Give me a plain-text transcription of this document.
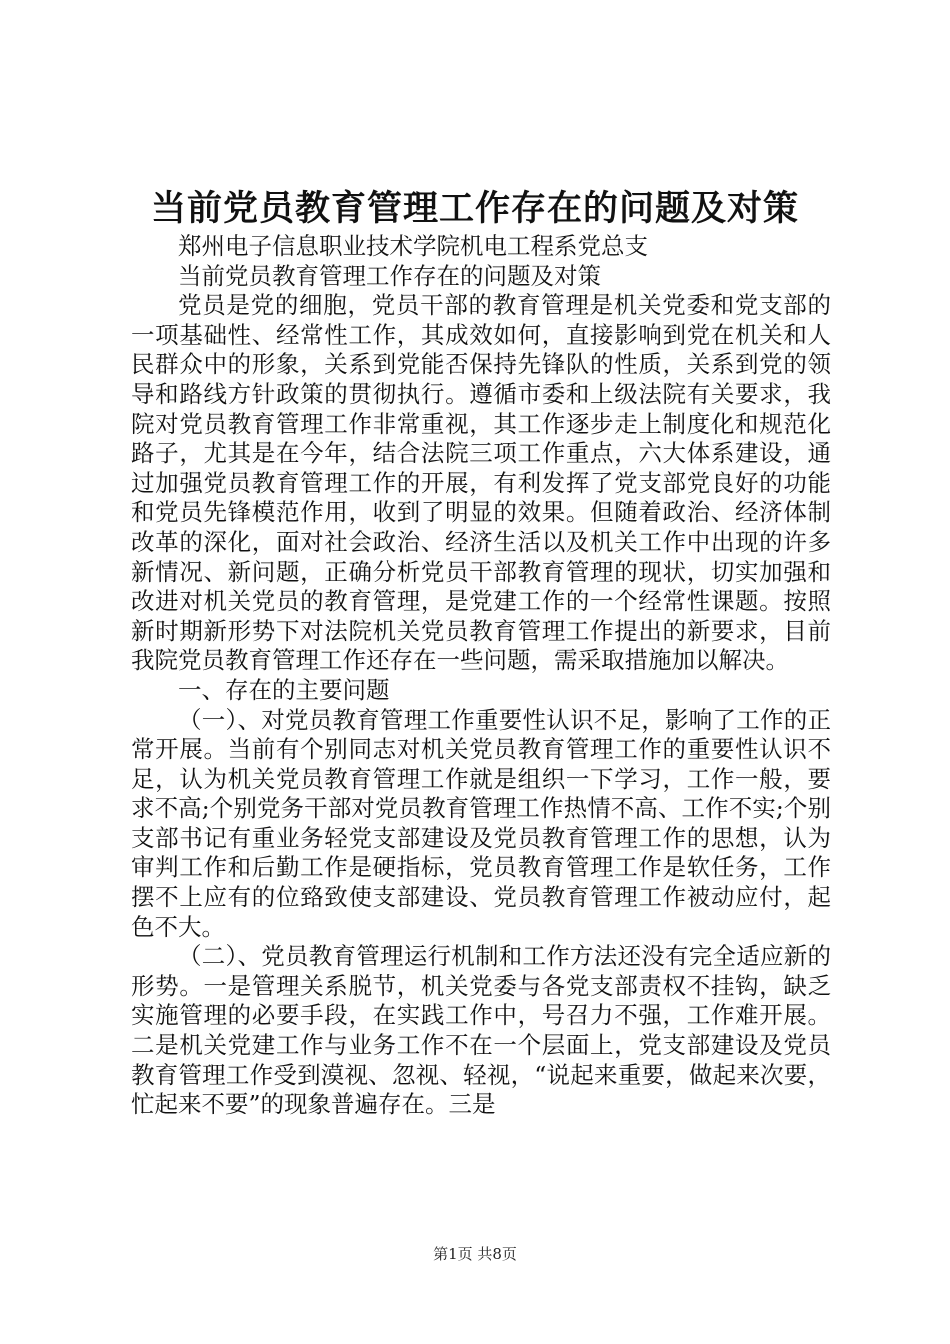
当前党员教育管理工作存在的问题及对策

郑州电子信息职业技术学院机电工程系党总支

当前党员教育管理工作存在的问题及对策

党员是党的细胞，党员干部的教育管理是机关党委和党支部的一项基础性、经常性工作，其成效如何，直接影响到党在机关和人民群众中的形象，关系到党能否保持先锋队的性质，关系到党的领导和路线方针政策的贯彻执行。遵循市委和上级法院有关要求，我院对党员教育管理工作非常重视，其工作逐步走上制度化和规范化路子，尤其是在今年，结合法院三项工作重点，六大体系建设，通过加强党员教育管理工作的开展，有利发挥了党支部党良好的功能和党员先锋模范作用，收到了明显的效果。但随着政治、经济体制改革的深化，面对社会政治、经济生活以及机关工作中出现的许多新情况、新问题，正确分析党员干部教育管理的现状，切实加强和改进对机关党员的教育管理，是党建工作的一个经常性课题。按照新时期新形势下对法院机关党员教育管理工作提出的新要求，目前我院党员教育管理工作还存在一些问题，需采取措施加以解决。

一、存在的主要问题

（一）、对党员教育管理工作重要性认识不足，影响了工作的正常开展。当前有个别同志对机关党员教育管理工作的重要性认识不足，认为机关党员教育管理工作就是组织一下学习，工作一般，要求不高;个别党务干部对党员教育管理工作热情不高、工作不实;个别支部书记有重业务轻党支部建设及党员教育管理工作的思想，认为审判工作和后勤工作是硬指标，党员教育管理工作是软任务，工作摆不上应有的位臵致使支部建设、党员教育管理工作被动应付，起色不大。

（二）、党员教育管理运行机制和工作方法还没有完全适应新的形势。一是管理关系脱节，机关党委与各党支部责权不挂钩，缺乏实施管理的必要手段，在实践工作中，号召力不强，工作难开展。二是机关党建工作与业务工作不在一个层面上，党支部建设及党员教育管理工作受到漠视、忽视、轻视，“说起来重要，做起来次要，忙起来不要”的现象普遍存在。三是

第1页 共8页
